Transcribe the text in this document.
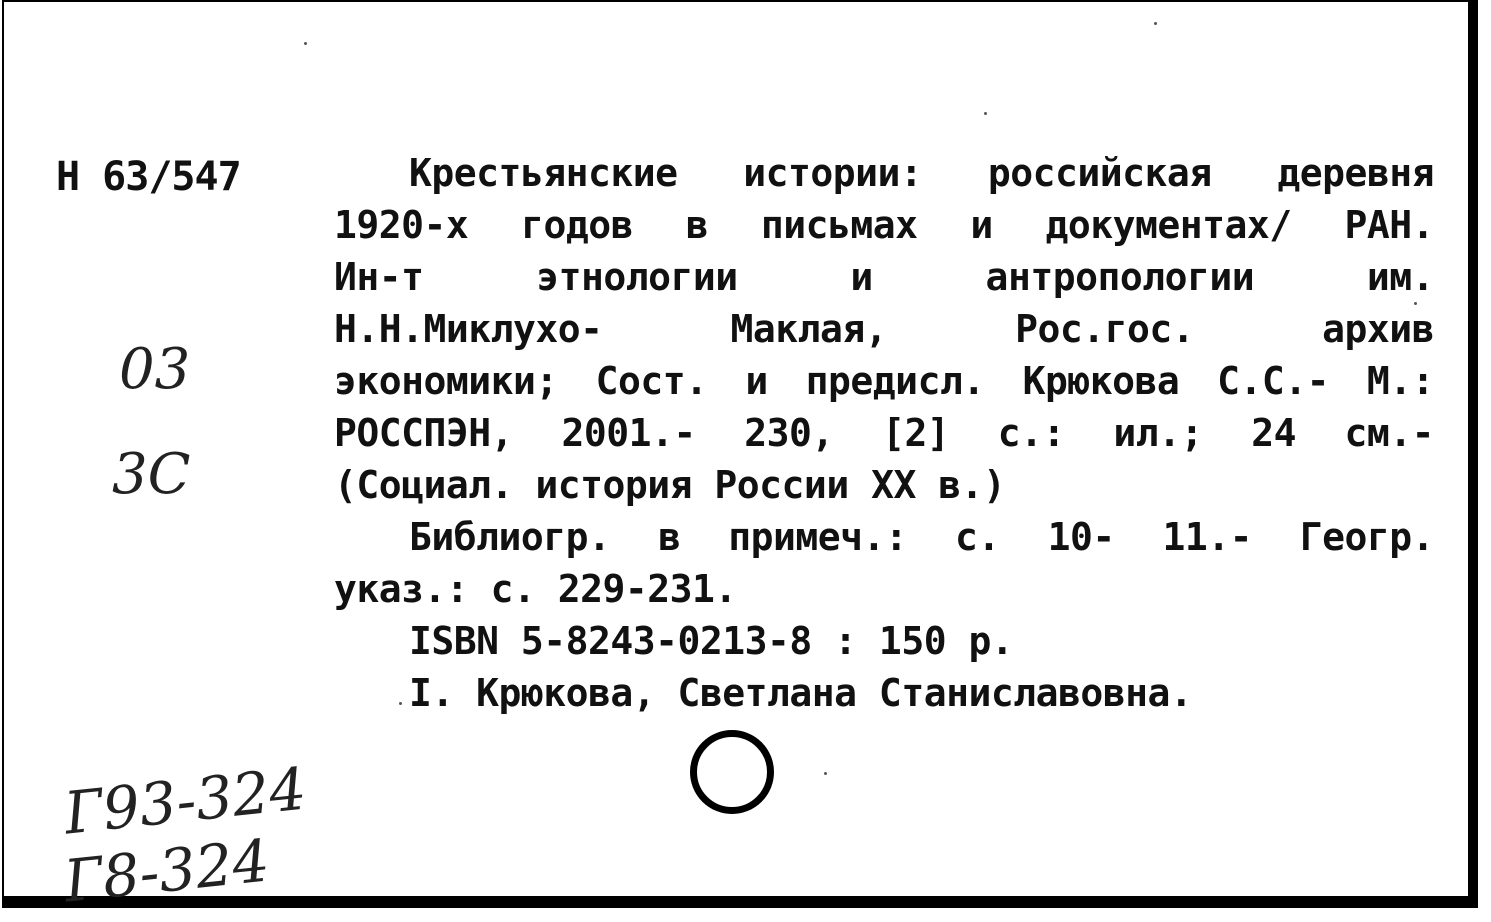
Н 63/547
03
3С
Г93-324
Г8-324
Крестьянские истории: российская деревня
1920-х годов в письмах и документах/ РАН.
Ин-т этнологии и антропологии им.
Н.Н.Миклухо- Маклая, Рос.гос. архив
экономики; Сост. и предисл. Крюкова С.С.- М.:
РОССПЭН, 2001.- 230, [2] с.: ил.; 24 см.-
(Социал. история России XX в.)
Библиогр. в примеч.: с. 10- 11.- Геогр.
указ.: с. 229-231.
ISBN 5-8243-0213-8 : 150 р.
I. Крюкова, Светлана Станиславовна.
